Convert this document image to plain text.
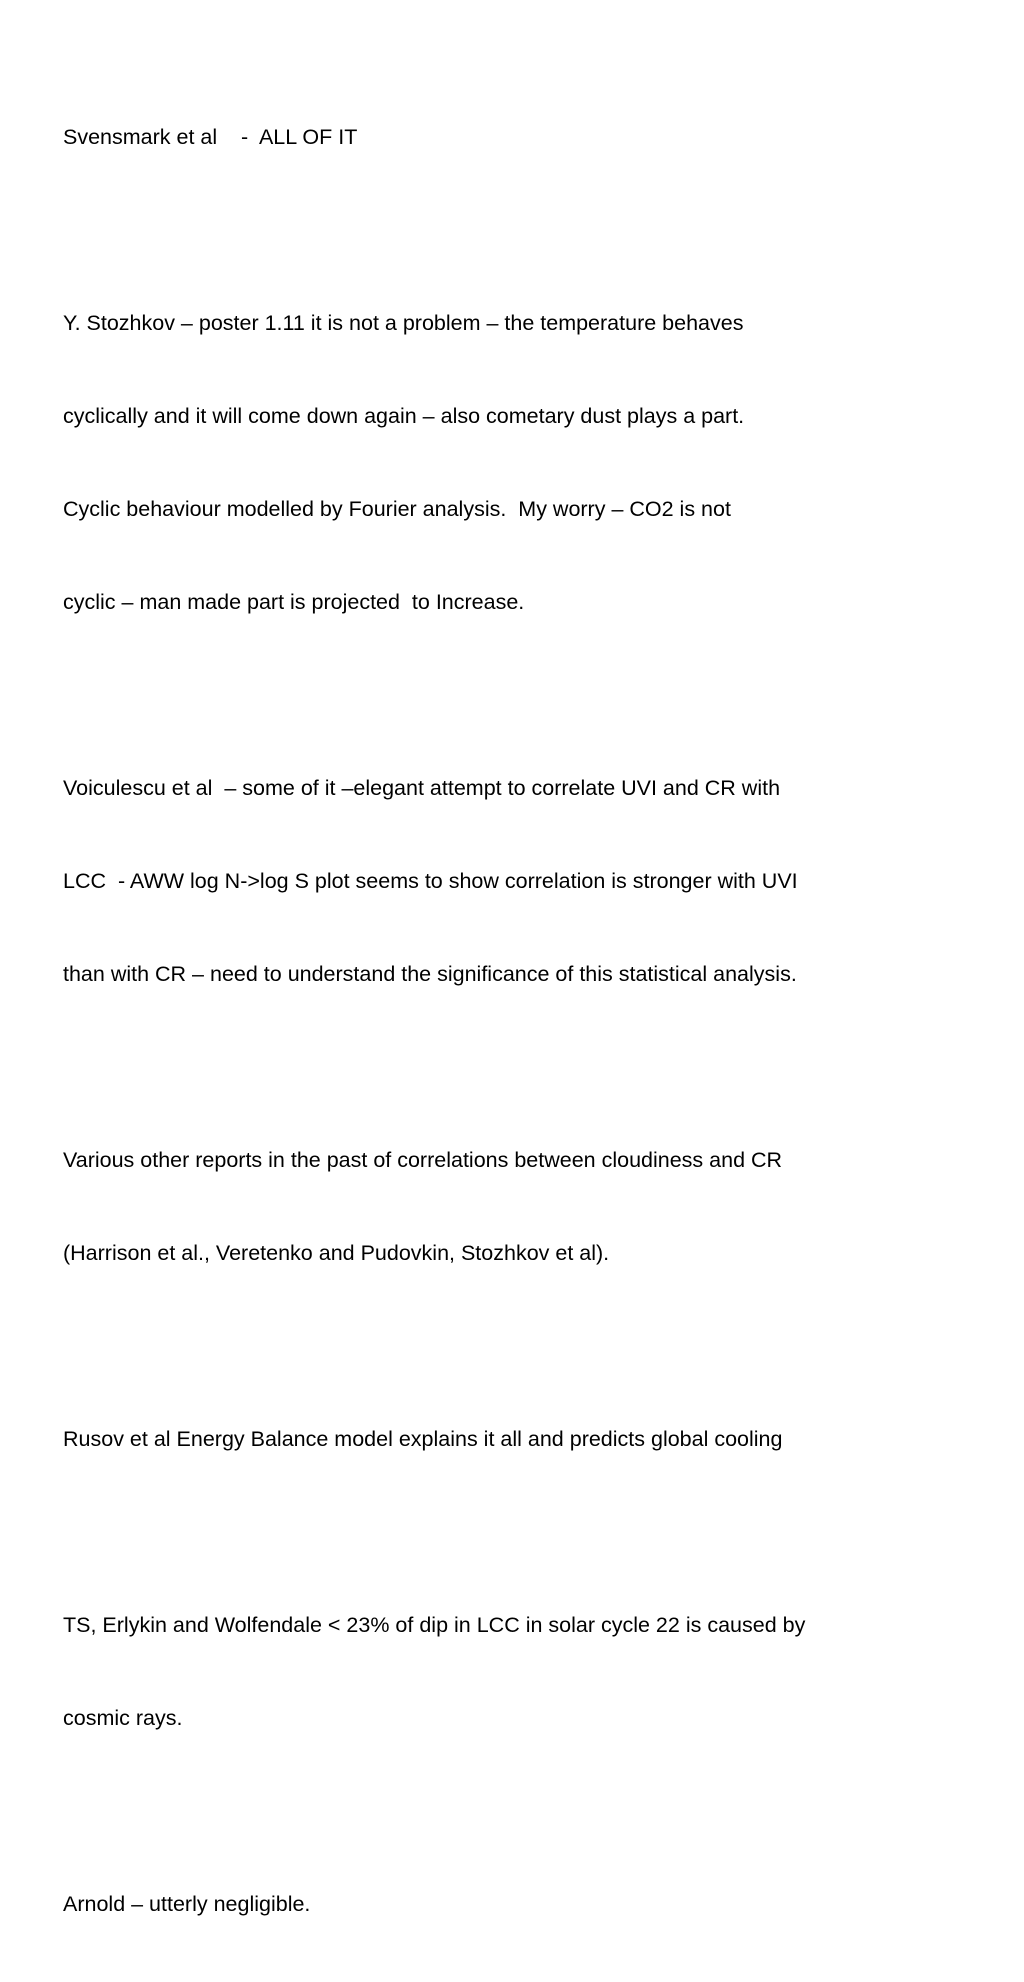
Svensmark et al    -  ALL OF IT

Y. Stozhkov – poster 1.11 it is not a problem – the temperature behaves

cyclically and it will come down again – also cometary dust plays a part.

Cyclic behaviour modelled by Fourier analysis.  My worry – CO2 is not

cyclic – man made part is projected  to Increase.

Voiculescu et al  – some of it –elegant attempt to correlate UVI and CR with

LCC  - AWW log N->log S plot seems to show correlation is stronger with UVI

than with CR – need to understand the significance of this statistical analysis.

Various other reports in the past of correlations between cloudiness and CR

(Harrison et al., Veretenko and Pudovkin, Stozhkov et al).

Rusov et al Energy Balance model explains it all and predicts global cooling

TS, Erlykin and Wolfendale < 23% of dip in LCC in solar cycle 22 is caused by

cosmic rays.

Arnold – utterly negligible.
